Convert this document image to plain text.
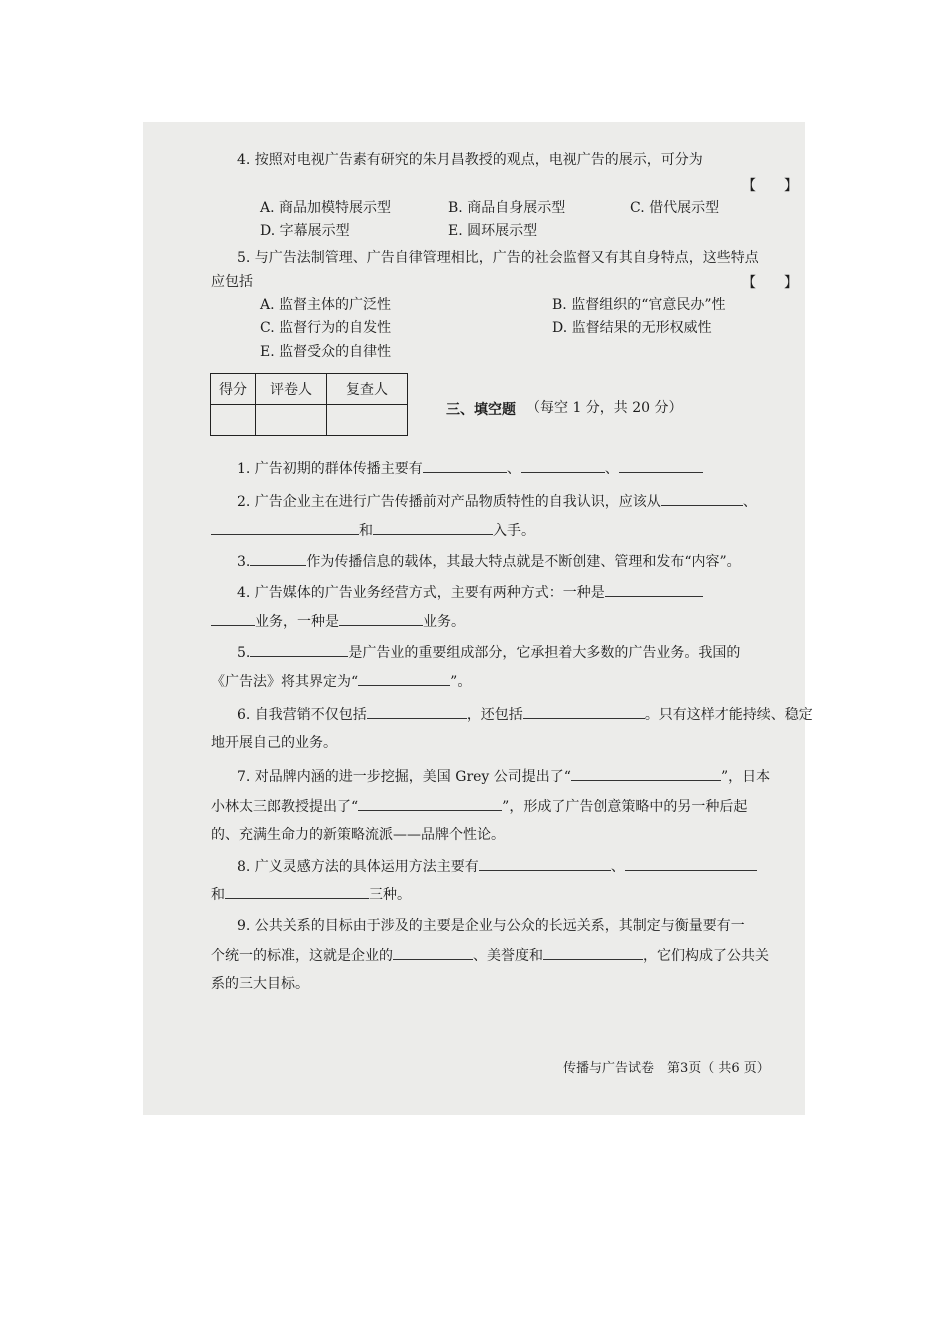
4. 按照对电视广告素有研究的朱月昌教授的观点，电视广告的展示，可分为
【　　】
A. 商品加模特展示型	B. 商品自身展示型	C. 借代展示型
D. 字幕展示型	E. 圆环展示型
5. 与广告法制管理、广告自律管理相比，广告的社会监督又有其自身特点，这些特点
应包括	【　　】
A. 监督主体的广泛性	B. 监督组织的“官意民办”性
C. 监督行为的自发性	D. 监督结果的无形权威性
E. 监督受众的自律性
得分	评卷人	复查人

三、填空题 （每空 1 分，共 20 分）
1. 广告初期的群体传播主要有	、	、
2. 广告企业主在进行广告传播前对产品物质特性的自我认识，应该从	、
和	入手。
3.	作为传播信息的载体，其最大特点就是不断创建、管理和发布“内容”。
4. 广告媒体的广告业务经营方式，主要有两种方式：一种是
业务，一种是	业务。
5.	是广告业的重要组成部分，它承担着大多数的广告业务。我国的
《广告法》将其界定为“	”。
6. 自我营销不仅包括	，还包括	。只有这样才能持续、稳定
地开展自己的业务。
7. 对品牌内涵的进一步挖掘，美国 Grey 公司提出了“	”，日本
小林太三郎教授提出了“	”，形成了广告创意策略中的另一种后起
的、充满生命力的新策略流派——品牌个性论。
8. 广义灵感方法的具体运用方法主要有	、
和	三种。
9. 公共关系的目标由于涉及的主要是企业与公众的长远关系，其制定与衡量要有一
个统一的标准，这就是企业的	、美誉度和	，它们构成了公共关
系的三大目标。
传播与广告试卷　第3页（ 共6 页）
